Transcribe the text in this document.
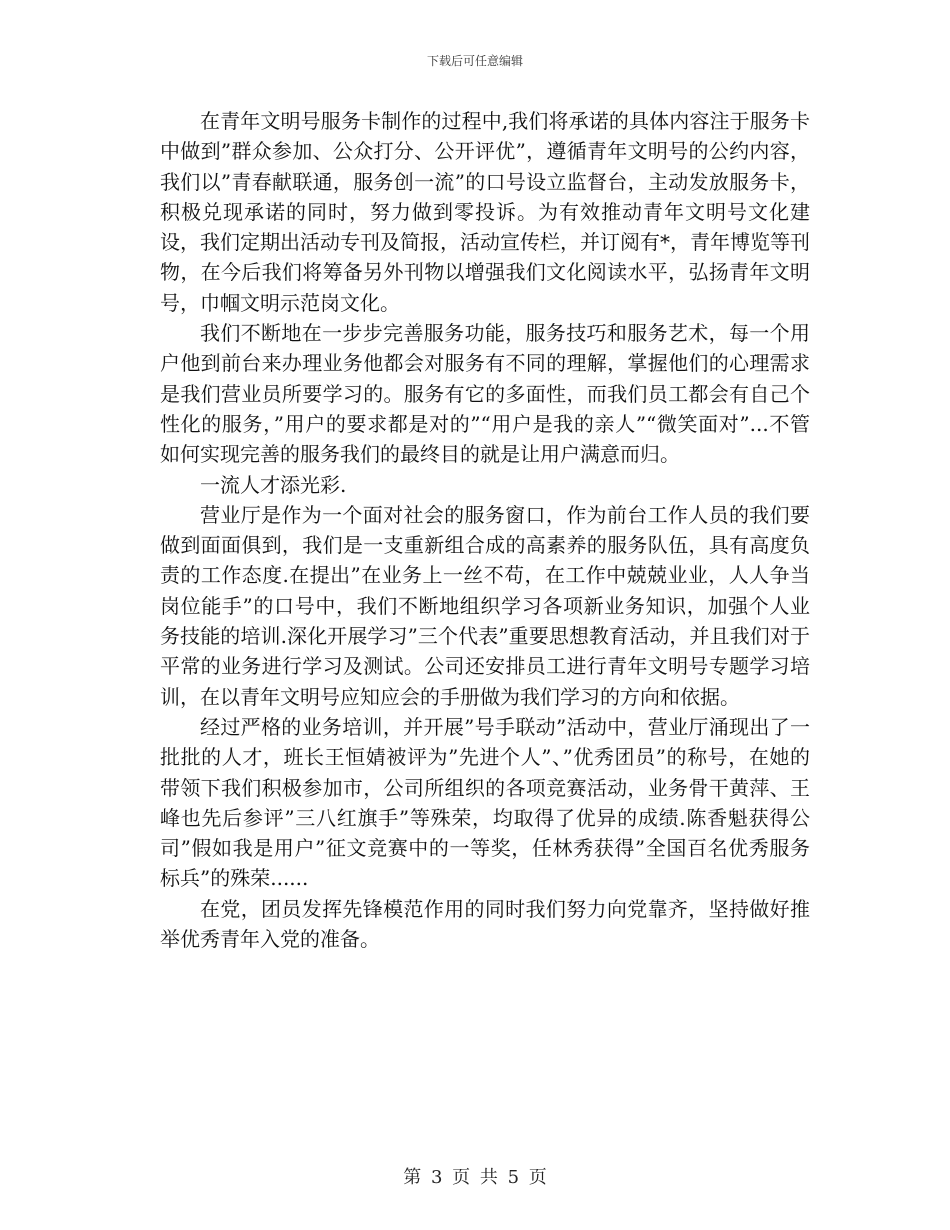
下载后可任意编辑

在青年文明号服务卡制作的过程中,我们将承诺的具体内容注于服务卡中做到”群众参加、公众打分、公开评优”，遵循青年文明号的公约内容，我们以”青春献联通，服务创一流”的口号设立监督台，主动发放服务卡，积极兑现承诺的同时，努力做到零投诉。为有效推动青年文明号文化建设，我们定期出活动专刊及简报，活动宣传栏，并订阅有*，青年博览等刊物，在今后我们将筹备另外刊物以增强我们文化阅读水平，弘扬青年文明号，巾帼文明示范岗文化。

我们不断地在一步步完善服务功能，服务技巧和服务艺术，每一个用户他到前台来办理业务他都会对服务有不同的理解，掌握他们的心理需求是我们营业员所要学习的。服务有它的多面性，而我们员工都会有自己个性化的服务，”用户的要求都是对的”“用户是我的亲人”“微笑面对”...不管如何实现完善的服务我们的最终目的就是让用户满意而归。

一流人才添光彩.

营业厅是作为一个面对社会的服务窗口，作为前台工作人员的我们要做到面面俱到，我们是一支重新组合成的高素养的服务队伍，具有高度负责的工作态度.在提出”在业务上一丝不苟，在工作中兢兢业业，人人争当岗位能手”的口号中，我们不断地组织学习各项新业务知识，加强个人业务技能的培训.深化开展学习”三个代表”重要思想教育活动，并且我们对于平常的业务进行学习及测试。公司还安排员工进行青年文明号专题学习培训，在以青年文明号应知应会的手册做为我们学习的方向和依据。

经过严格的业务培训，并开展”号手联动”活动中，营业厅涌现出了一批批的人才，班长王恒婧被评为”先进个人”、”优秀团员”的称号，在她的带领下我们积极参加市，公司所组织的各项竞赛活动，业务骨干黄萍、王峰也先后参评”三八红旗手”等殊荣，均取得了优异的成绩.陈香魁获得公司”假如我是用户”征文竞赛中的一等奖，任林秀获得”全国百名优秀服务标兵”的殊荣......

在党，团员发挥先锋模范作用的同时我们努力向党靠齐，坚持做好推举优秀青年入党的准备。

第 3 页 共 5 页
